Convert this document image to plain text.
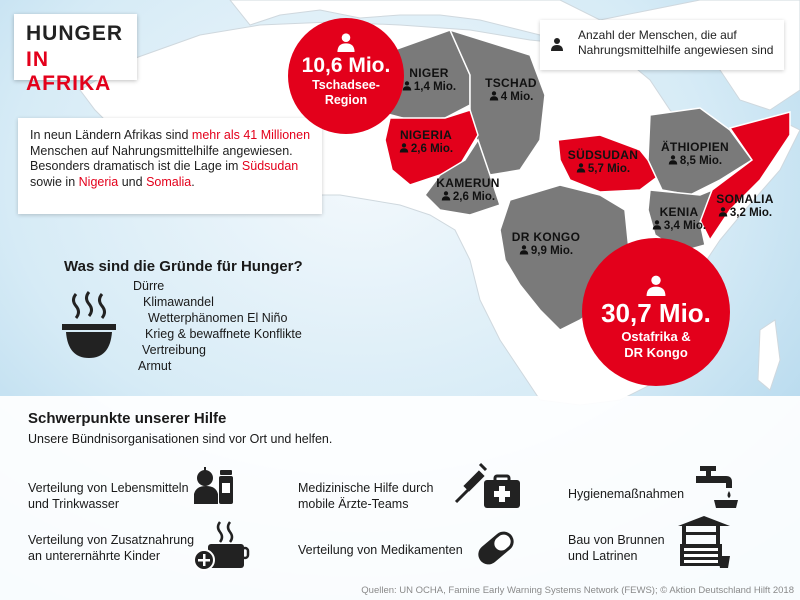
HUNGER
IN AFRIKA
Anzahl der Menschen, die auf Nahrungsmittelhilfe angewiesen sind

In neun Ländern Afrikas sind mehr als 41 Millionen Menschen auf Nahrungsmittelhilfe angewiesen. Besonders dramatisch ist die Lage im Südsudan sowie in Nigeria und Somalia.

NIGER
1,4 Mio.	TSCHAD
4 Mio.
NIGERIA
2,6 Mio.
KAMERUN
2,6 Mio.
SÜDSUDAN
5,7 Mio.
ÄTHIOPIEN
8,5 Mio.
SOMALIA
3,2 Mio.
KENIA
3,4 Mio.
DR KONGO
9,9 Mio.
10,6 Mio.
Tschadsee-
Region
30,7 Mio.
Ostafrika &
DR Kongo
Was sind die Gründe für Hunger?
Dürre
Klimawandel
Wetterphänomen El Niño
Krieg & bewaffnete Konflikte
Vertreibung
Armut
Schwerpunkte unserer Hilfe
Unsere Bündnisorganisationen sind vor Ort und helfen.
Verteilung von Lebensmitteln
und Trinkwasser
Medizinische Hilfe durch
mobile Ärzte-Teams
Hygienemaßnahmen
Verteilung von Zusatznahrung
an unterernährte Kinder	Verteilung von Medikamenten
Bau von Brunnen
und Latrinen
Quellen: UN OCHA, Famine Early Warning Systems Network (FEWS); © Aktion Deutschland Hilft 2018
